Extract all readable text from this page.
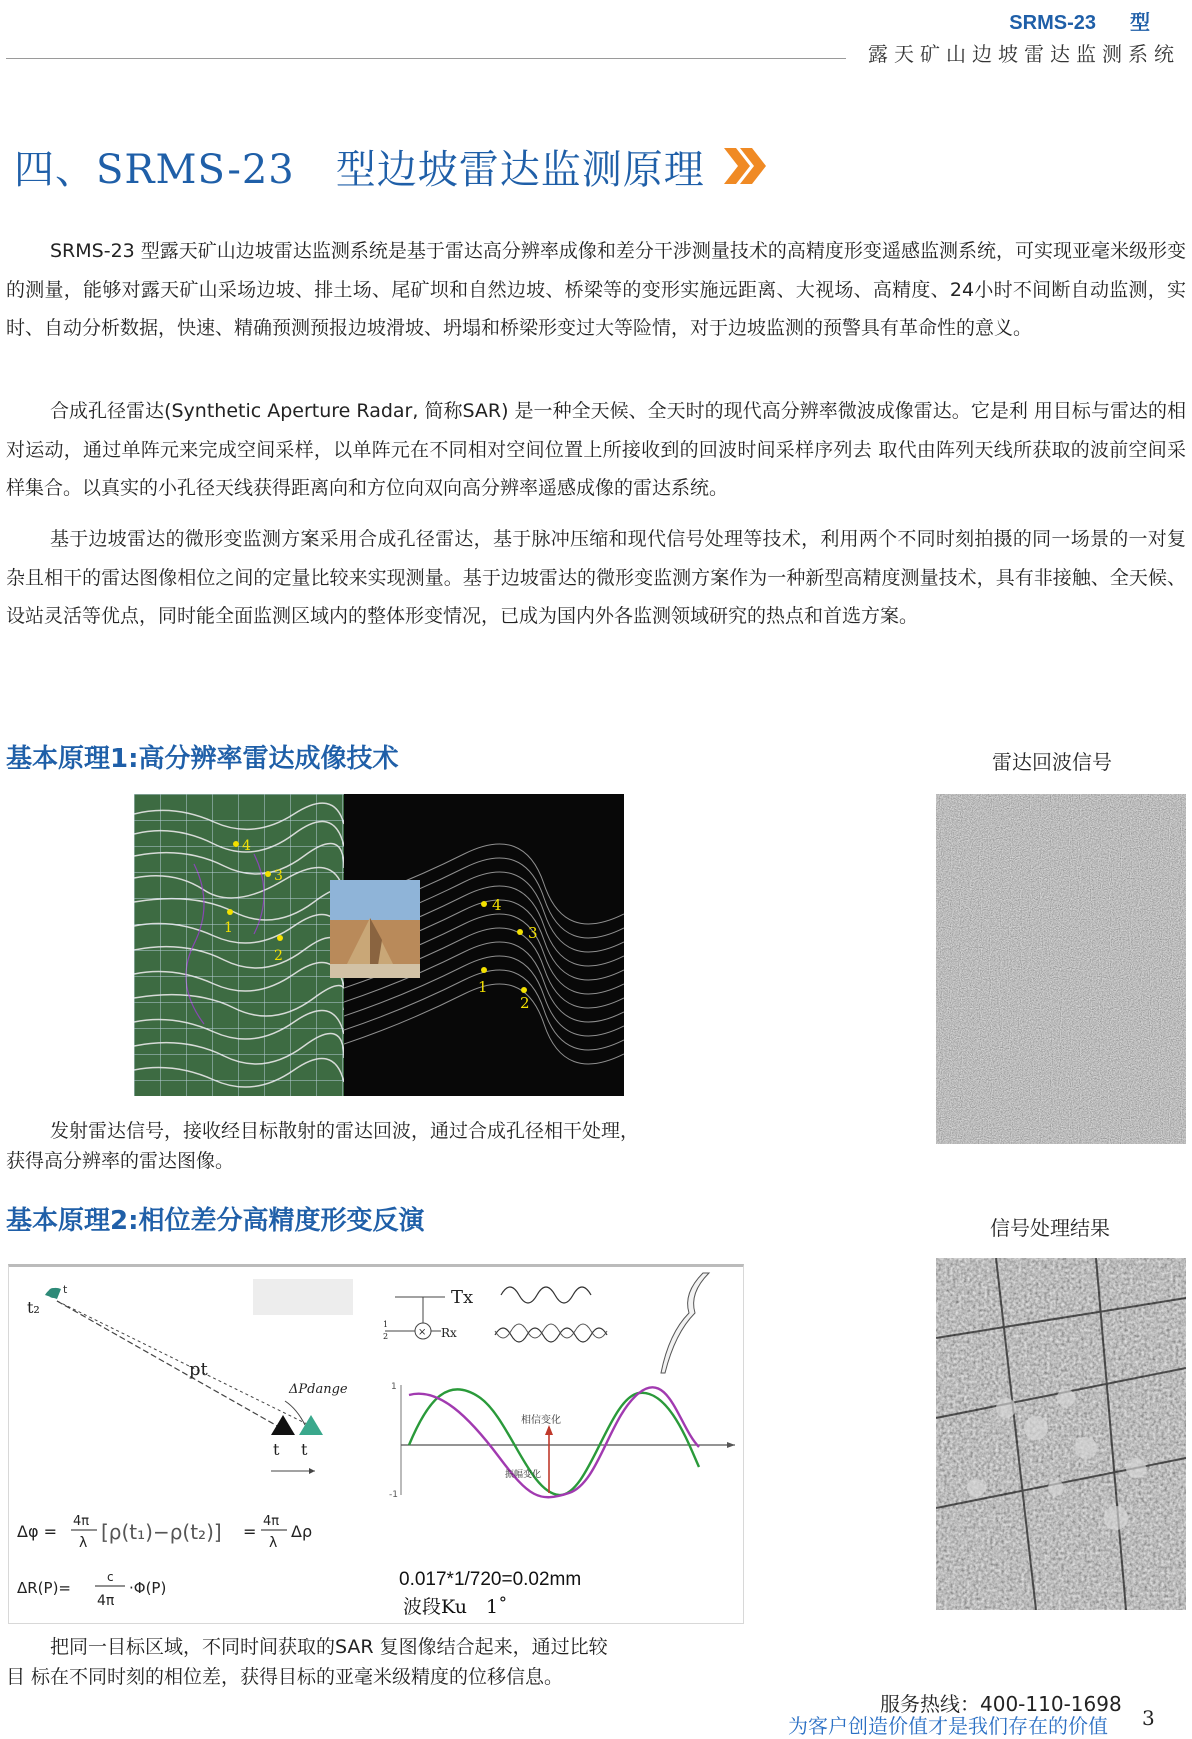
SRMS-23 型
露天矿山边坡雷达监测系统
四、SRMS-23　型边坡雷达监测原理

SRMS-23 型露天矿山边坡雷达监测系统是基于雷达高分辨率成像和差分干涉测量技术的高精度形变遥感监测系统，可实现亚毫米级形变的测量，能够对露天矿山采场边坡、排土场、尾矿坝和自然边坡、桥梁等的变形实施远距离、大视场、高精度、24小时不间断自动监测，实时、自动分析数据，快速、精确预测预报边坡滑坡、坍塌和桥梁形变过大等险情，对于边坡监测的预警具有革命性的意义。

合成孔径雷达(Synthetic Aperture Radar, 简称SAR) 是一种全天候、全天时的现代高分辨率微波成像雷达。它是利 用目标与雷达的相对运动，通过单阵元来完成空间采样，以单阵元在不同相对空间位置上所接收到的回波时间采样序列去 取代由阵列天线所获取的波前空间采样集合。以真实的小孔径天线获得距离向和方位向双向高分辨率遥感成像的雷达系统。

基于边坡雷达的微形变监测方案采用合成孔径雷达，基于脉冲压缩和现代信号处理等技术，利用两个不同时刻拍摄的同一场景的一对复杂且相干的雷达图像相位之间的定量比较来实现测量。基于边坡雷达的微形变监测方案作为一种新型高精度测量技术，具有非接触、全天候、设站灵活等优点，同时能全面监测区域内的整体形变情况，已成为国内外各监测领域研究的热点和首选方案。

基本原理1:高分辨率雷达成像技术	雷达回波信号
4
3
1
2
4
3
1
2

发射雷达信号，接收经目标散射的雷达回波，通过合成孔径相干处理，

获得高分辨率的雷达图像。

基本原理2:相位差分高精度形变反演	信号处理结果
t
t₂
pt
ΔPdange
t t
Δφ =
4π
λ [ρ(t₁)−ρ(t₂)] =
4π
λ
Δρ
ΔR(P)=
c
4π
·Φ(P)
×
Tx
Rx
1
2
1
-1
相信变化
振幅变化
0.017*1/720=0.02mm
波段Ku　1˚

把同一目标区域，不同时间获取的SAR 复图像结合起来，通过比较

目 标在不同时刻的相位差，获得目标的亚毫米级精度的位移信息。

服务热线：400-110-1698
为客户创造价值才是我们存在的价值 3
